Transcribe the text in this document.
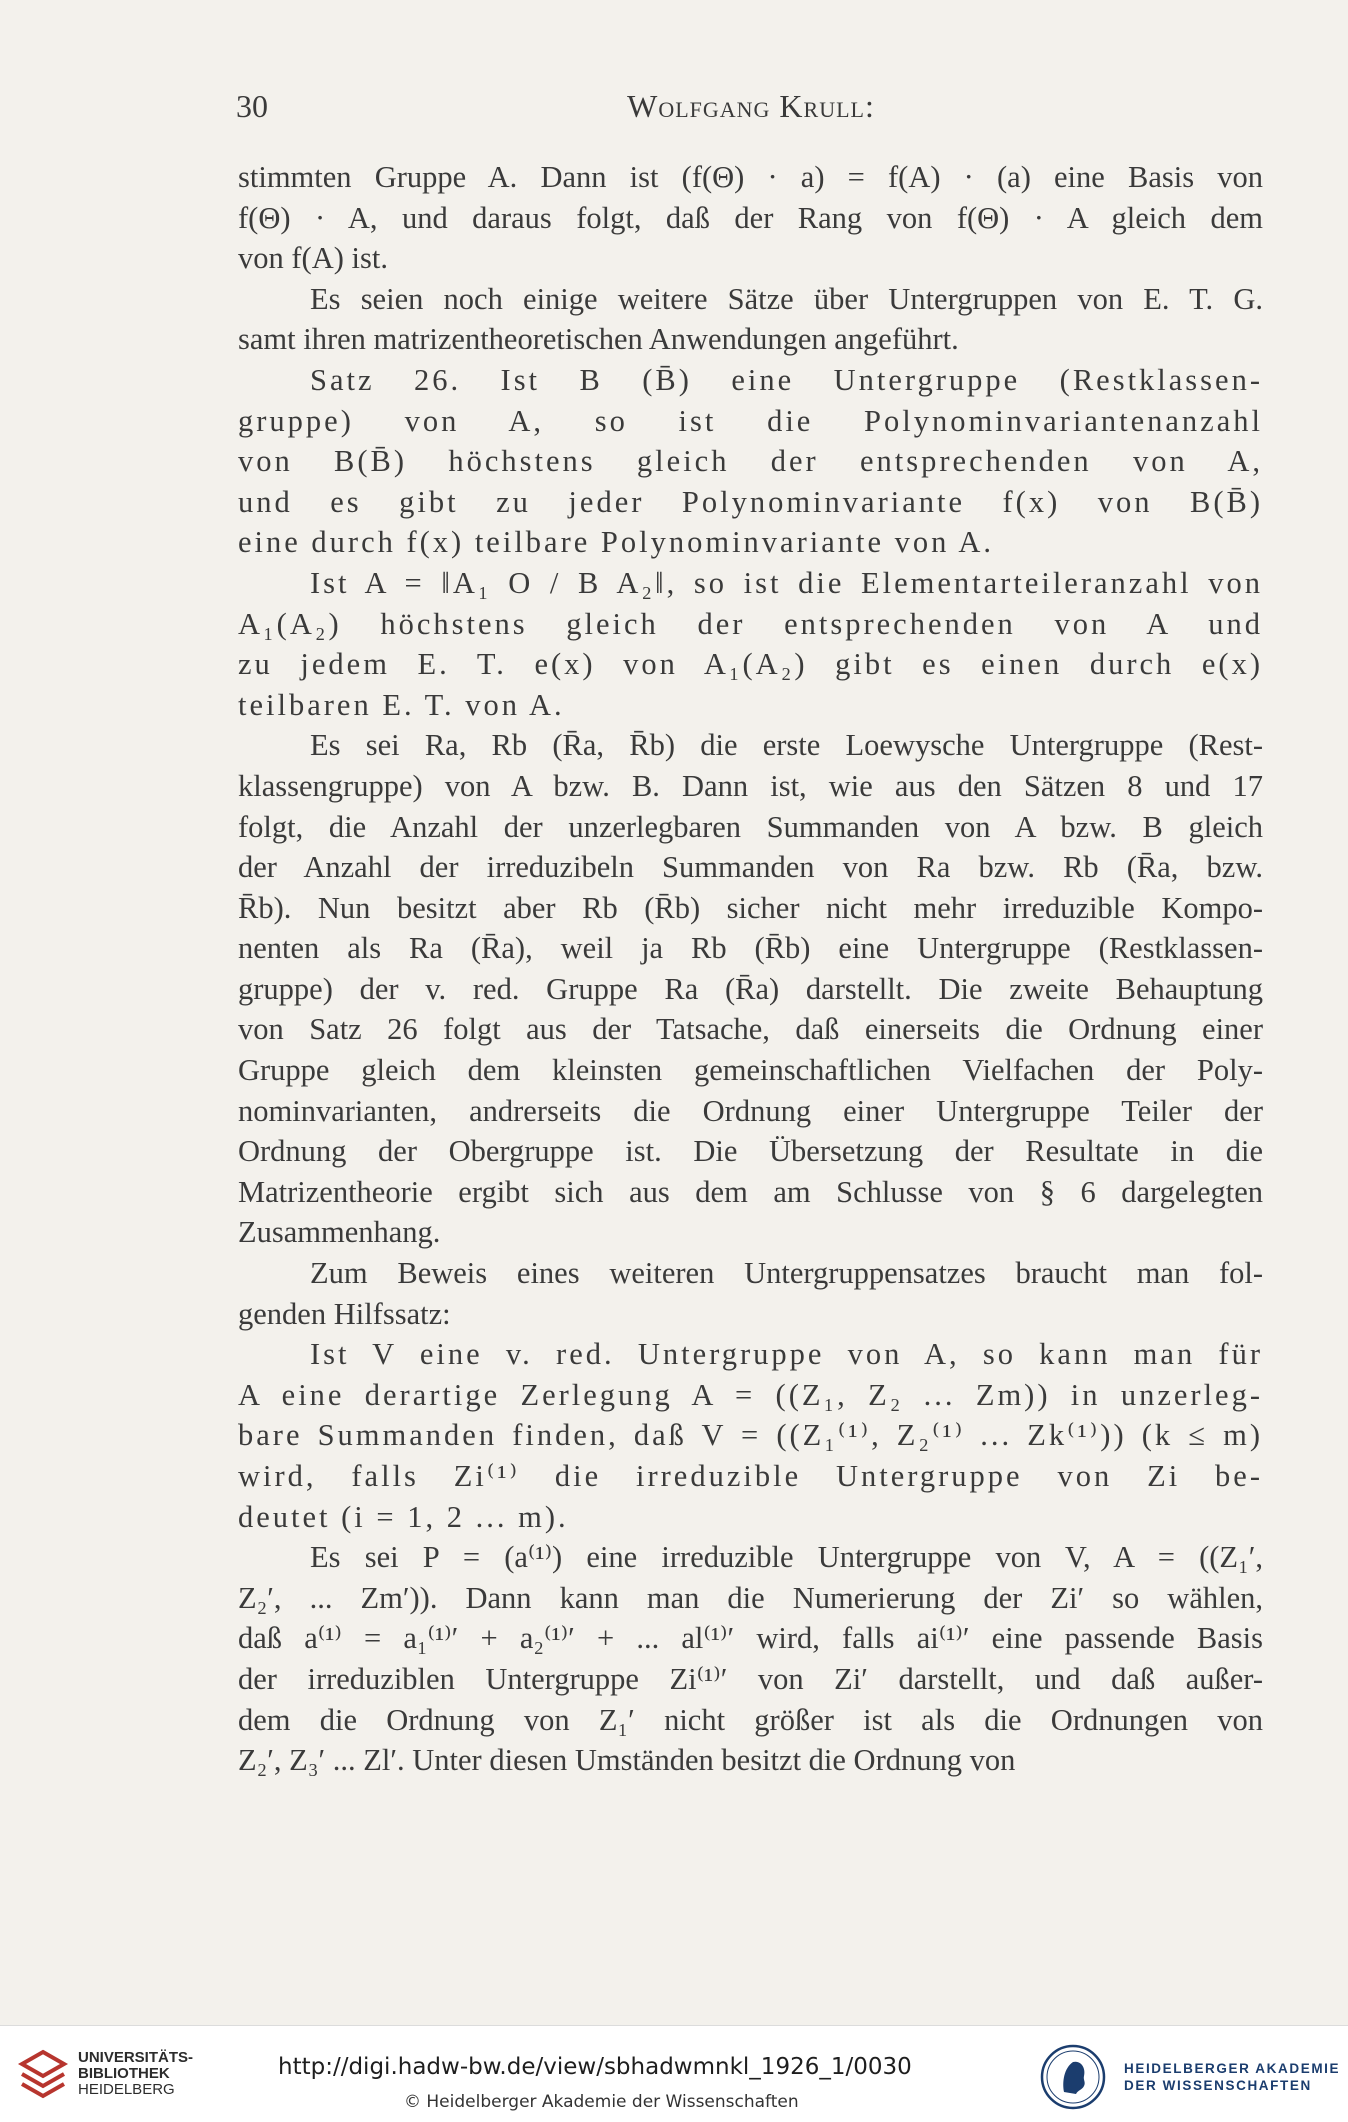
30	Wolfgang Krull:

stimmten Gruppe A. Dann ist (f(Θ) · a) = f(A) · (a) eine Basis von

f(Θ) · A, und daraus folgt, daß der Rang von f(Θ) · A gleich dem

von f(A) ist.

Es seien noch einige weitere Sätze über Untergruppen von E. T. G.

samt ihren matrizentheoretischen Anwendungen angeführt.

Satz 26. Ist B (B̄) eine Untergruppe (Restklassen-

gruppe) von A, so ist die Polynominvariantenanzahl

von B(B̄) höchstens gleich der entsprechenden von A,

und es gibt zu jeder Polynominvariante f(x) von B(B̄)

eine durch f(x) teilbare Polynominvariante von A.

Ist A = ‖A₁ O / B A₂‖, so ist die Elementarteileranzahl von

A₁(A₂) höchstens gleich der entsprechenden von A und

zu jedem E. T. e(x) von A₁(A₂) gibt es einen durch e(x)

teilbaren E. T. von A.

Es sei Ra, Rb (R̄a, R̄b) die erste Loewysche Untergruppe (Rest-

klassengruppe) von A bzw. B. Dann ist, wie aus den Sätzen 8 und 17

folgt, die Anzahl der unzerlegbaren Summanden von A bzw. B gleich

der Anzahl der irreduzibeln Summanden von Ra bzw. Rb (R̄a, bzw.

R̄b). Nun besitzt aber Rb (R̄b) sicher nicht mehr irreduzible Kompo-

nenten als Ra (R̄a), weil ja Rb (R̄b) eine Untergruppe (Restklassen-

gruppe) der v. red. Gruppe Ra (R̄a) darstellt. Die zweite Behauptung

von Satz 26 folgt aus der Tatsache, daß einerseits die Ordnung einer

Gruppe gleich dem kleinsten gemeinschaftlichen Vielfachen der Poly-

nominvarianten, andrerseits die Ordnung einer Untergruppe Teiler der

Ordnung der Obergruppe ist. Die Übersetzung der Resultate in die

Matrizentheorie ergibt sich aus dem am Schlusse von § 6 dargelegten

Zusammenhang.

Zum Beweis eines weiteren Untergruppensatzes braucht man fol-

genden Hilfssatz:

Ist V eine v. red. Untergruppe von A, so kann man für

A eine derartige Zerlegung A = ((Z₁, Z₂ ... Zm)) in unzerleg-

bare Summanden finden, daß V = ((Z₁⁽¹⁾, Z₂⁽¹⁾ ... Zk⁽¹⁾)) (k ≤ m)

wird, falls Zi⁽¹⁾ die irreduzible Untergruppe von Zi be-

deutet (i = 1, 2 ... m).

Es sei P = (a⁽¹⁾) eine irreduzible Untergruppe von V, A = ((Z₁′,

Z₂′, ... Zm′)). Dann kann man die Numerierung der Zi′ so wählen,

daß a⁽¹⁾ = a₁⁽¹⁾′ + a₂⁽¹⁾′ + ... al⁽¹⁾′ wird, falls ai⁽¹⁾′ eine passende Basis

der irreduziblen Untergruppe Zi⁽¹⁾′ von Zi′ darstellt, und daß außer-

dem die Ordnung von Z₁′ nicht größer ist als die Ordnungen von

Z₂′, Z₃′ ... Zl′. Unter diesen Umständen besitzt die Ordnung von

UNIVERSITÄTS-
BIBLIOTHEK
HEIDELBERG
http://digi.hadw-bw.de/view/sbhadwmnkl_1926_1/0030
© Heidelberger Akademie der Wissenschaften
HEIDELBERGER AKADEMIE
DER WISSENSCHAFTEN
